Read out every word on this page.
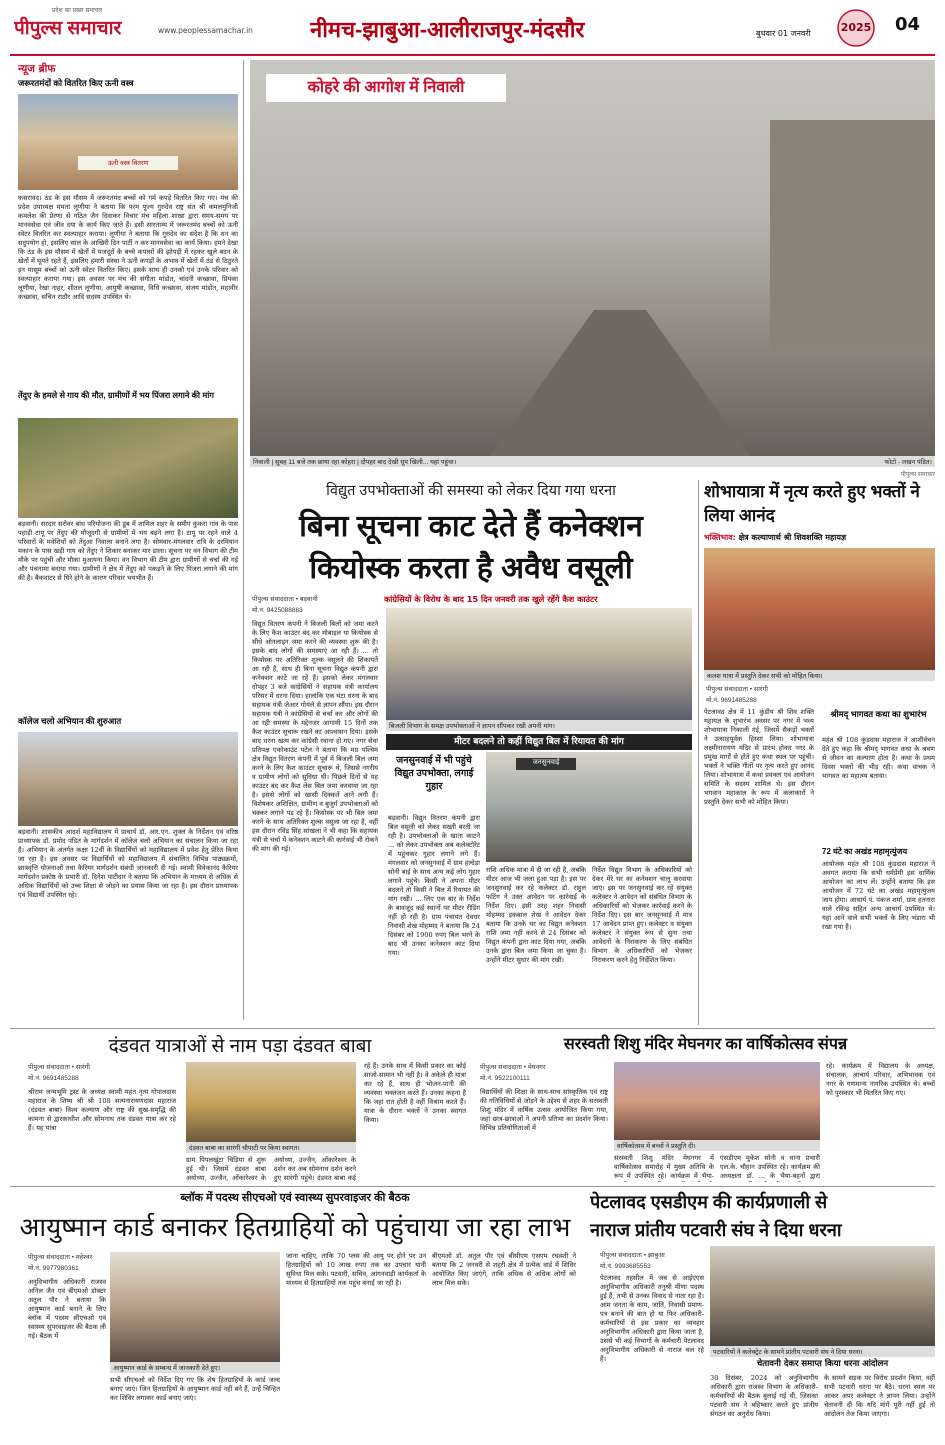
पीपुल्स समाचार
प्रदेश का प्रखर समाचार
www.peoplessamachar.in	नीमच-झाबुआ-आलीराजपुर-मंदसौर	बुधवार 01 जनवरी	2025	04
न्यूज ब्रीफ
जरूरतमंदों को वितरित किए ऊनी वस्त्र
ऊनी वस्त्र वितरण
कसरावद। ठंड के इस मौसम में जरूरतमंद बच्चों को गर्म कपड़े वितरित किए गए। मंच की प्रदेश उपाध्यक्ष ममता लूणीया ने बताया कि परम पूज्य गुरुदेव राष्ट्र संत श्री कमलमुनिजी कमलेश की प्रेरणा से गठित जैन दिवाकर विचार मंच महिला शाखा द्वारा समय-समय पर मानवसेवा एवं जीव दया के कार्य किए जाते हैं। इसी सारताम्य में जरूरतमंद बच्चों को ऊनी स्वेटर वितरित कर स्वल्पाहार कराया। लूणीया ने बताया कि गुरुदेव का संदेश है कि धन का सदुपयोग हो, इसलिए साल के आखिरी दिन पार्टी न कर मानवसेवा का कार्य किया। हमने देखा कि ठंड के इस मौसम में खेतों में मजदूरों के बच्चे कपासों की झोपड़ी में रहकर खुले बदन के खेतों में घूमते रहते हैं, इसलिए हमारी संस्था ने ऊनी कपड़ों के अभाव में खेतों में ठंड से ठिठुरते इन मासूम बच्चों को ऊनी स्वेटर वितरित किए। इसके साथ ही उनको एवं उनके परिवार को स्वल्पाहार कराया गया। इस अवसर पर मंच की संगीता मांडोत, चांदनी कच्छावा, प्रियंका लूणीया, रेखा नाहर, शीतल लूणीया, आयुषी कच्छावा, विधि कच्छावा, संजय मांडोत, महावीर कच्छावा, सचिन राठौर आदि सदस्य उपस्थित थे।
तेंदुए के हमले से गाय की मौत, ग्रामीणों में भय पिंजरा लगाने की मांग
बड़वानी। सरदार सरोवर बांध परियोजना की डूब में शामिल शहर के समीप कुकरा गांव के पास पहाड़ी टापू पर तेंदुए की मौजूदगी से ग्रामीणों में भय बढ़ने लगा है। टापू पर रहने वाले 4 परिवारों के मवेशियों को तेंदुआ निवाला बनाने लगा है। सोमवार-मंगलवार रात्रि के दरमियान मकान के पास खड़ी गाय को तेंदुए ने शिकार बनाकर मार डाला। सूचना पर वन विभाग की टीम मौके पर पहुंची और मौका मुआयना किया। वन विभाग की टीम द्वारा ग्रामीणों से चर्चा की गई और पंचनामा बनाया गया। ग्रामीणों ने क्षेत्र में तेंदुए को पकड़ने के लिए पिंजरा लगाने की मांग की है। बैकवाटर से घिरे होने के कारण परिवार भयभीत हैं।
कॉलेज चलो अभियान की शुरुआत
बड़वानी। शासकीय आदर्श महाविद्यालय में प्राचार्य डॉ. आर.एन. शुक्ल के निर्देशन एवं वरिष्ठ प्राध्यापक डॉ. प्रमोद पंडित के मार्गदर्शन में कॉलेज चलो अभियान का संचालन किया जा रहा है। अभियान के अंतर्गत कक्षा 12वीं के विद्यार्थियों को महाविद्यालय में प्रवेश हेतु प्रेरित किया जा रहा है। इस अवसर पर विद्यार्थियों को महाविद्यालय में संचालित विभिन्न पाठ्यक्रमों, छात्रवृत्ति योजनाओं तथा कैरियर मार्गदर्शन संबंधी जानकारी दी गई। स्वामी विवेकानंद कैरियर मार्गदर्शन प्रकोष्ठ के प्रभारी डॉ. दिनेश पाटीदार ने बताया कि अभियान के माध्यम से अधिक से अधिक विद्यार्थियों को उच्च शिक्षा से जोड़ने का प्रयास किया जा रहा है। इस दौरान प्राध्यापक एवं विद्यार्थी उपस्थित रहे।
कोहरे की आगोश में निवाली
निवाली | सुबह 11 बजे तक छाया रहा कोहरा | दोपहर बाद देखी धूप खिली... यहां पहुंचा।	फोटो - लखन पंडित।
पीपुल्स समाचार
विद्युत उपभोक्ताओं की समस्या को लेकर दिया गया धरना
बिना सूचना काट देते हैं कनेक्शन
कियोस्क करता है अवैध वसूली
पीपुल्स संवाददाता • बड़वानी
मो.नं. 9425088883
कांग्रेसियों के विरोध के बाद 15 दिन जनवरी तक खुले रहेंगे कैश काउंटर
बिजली विभाग के समक्ष उपभोक्ताओं ने ज्ञापन सौंपकर रखी अपनी मांग।
विद्युत वितरण कंपनी ने बिजली बिलों को जमा करने के लिए कैश काउंटर बंद कर मोबाइल या कियोस्क से सीधे ऑनलाइन जमा करने की व्यवस्था शुरू की है। इसके बाद लोगों की समस्याएं आ रही हैं। ... तो कियोस्क पर अतिरिक्त शुल्क वसूलने की शिकायतें आ रही हैं, साथ ही बिना सूचना विद्युत कंपनी द्वारा कनेक्शन काटे जा रहे हैं। इसको लेकर मंगलवार दोपहर 3 बजे कांग्रेसियों ने सहायक यंत्री कार्यालय परिसर में धरना दिया। हालांकि एक घंटा धरना के बाद सहायक यंत्री जेआर गोयले से ज्ञापन सौंपा। इस दौरान सहायक यंत्री ने कांग्रेसियों से चर्चा कर और लोगों की आ रही समस्या के मद्देनजर आगामी 15 दिनों तक कैश काउंटर सुचारू रखने का आश्वासन दिया। इसके बाद धरना खत्म कर कांग्रेसी रवाना हो गए। नगर सेवा प्रतिपक्ष एकोकाउंट पटेल ने बताया कि मप्र पश्चिम क्षेत्र विद्युत वितरण कंपनी में पूर्व में बिजली बिल जमा करने के लिए कैश काउंटर सुचारू थे, जिससे नगरीय व ग्रामीण लोगों को सुविधा थी। पिछले दिनों से यह काउंटर बंद कर कैश लेस बिल जमा करवाया जा रहा है। इससे लोगों को खासी दिक्कतें आने लगी हैं। विशेषकर अशिक्षित, ग्रामीण व बुजुर्ग उपभोक्ताओं को चक्कर लगाने पड़ रहे हैं। कियोस्क पर भी बिल जमा करने के साथ अतिरिक्त शुल्क वसूला जा रहा है, वहीं इस दौरान रविंद्र सिंह सांखला ने भी कहा कि सहायक यंत्री से चर्चा में कनेक्शन काटने की कार्रवाई भी रोकने की मांग की गई।
मीटर बदलने तो कहीं विद्युत बिल में रियायत की मांग
जनसुनवाई में भी पहुंचे विद्युत उपभोक्ता, लगाई गुहार
जनसुनवाई
बड़वानी। विद्युत वितरण कंपनी द्वारा बिल वसूली को लेकर सख्ती बरती जा रही है। उपभोक्ताओं के खाता काटने ... को लेकर उपभोक्ता अब कलेक्टोरेट में पहुंचकर गुहार लगाने लगे हैं। मंगलवार को जनसुनवाई में ग्राम हल्देड़ा सोनी बाई के साथ अन्य कई लोग गुहार लगाने पहुंचे। किसी ने अपना मीटर बदलने तो किसी ने बिल में रियायत की मांग रखी। ... लिए एक बार के निर्देश के बावजूद कई स्थानों पर मीटर रीडिंग नहीं हो रही है। ग्राम पंचायत देवधर निवासी शेख मोहम्मद ने बताया कि 24 दिसंबर को 1900 रुपए बिल भरने के बाद भी उनका कनेक्शन काट दिया गया।
राशि अधिक मात्रा में दी जा रही है, जबकि मीटर आज भी जला हुआ पड़ा है। इस पर जनसुनवाई कर रहे कलेक्टर डॉ. राहुल फटिंग ने उक्त आवेदन पर कार्रवाई के निर्देश दिए। इसी तरह शहर निवासी मोहम्मद इकबाल शेख ने आवेदन देकर बताया कि उनके घर का विद्युत कनेक्शन राशि जमा नहीं करने से 24 दिसंबर को विद्युत कंपनी द्वारा काट दिया गया, जबकि उनके द्वारा बिल जमा किया जा चुका है। उन्होंने मीटर सुधार की मांग रखी।
निर्देश विद्युत विभाग के अधिकारियों को देकर मेरे घर का कनेक्शन चालू करवाया जाए। इस पर जनसुनवाई कर रहे संयुक्त कलेक्टर ने आवेदन को संबंधित विभाग के अधिकारियों को भेजकर कार्रवाई करने के निर्देश दिए। इस बार जनसुनवाई में मात्र 17 आवेदन प्राप्त हुए। कलेक्टर व संयुक्त कलेक्टर ने संयुक्त रूप से सुना तथा आवेदनों के निराकरण के लिए संबंधित विभाग के अधिकारियों को भेजकर निराकरण करने हेतु निर्देशित किया।
शोभायात्रा में नृत्य करते हुए भक्तों ने लिया आनंद
भक्तिभाव: क्षेत्र कल्याणार्थ श्री शिवशक्ति महायज्ञ
कलश यात्रा में प्रस्तुति देकर सभी को मोहित किया।
पीपुल्स संवाददाता • सारंगी
मो.नं. 9691485288
पेटलावद क्षेत्र में 11 कुंडीय श्री शिव शक्ति महायज्ञ के शुभारंभ अवसर पर नगर में भव्य शोभायात्रा निकाली गई, जिसमें सैकड़ों भक्तों ने उत्साहपूर्वक हिस्सा लिया। शोभायात्रा लक्ष्मीनारायण मंदिर से प्रारंभ होकर नगर के प्रमुख मार्गों से होते हुए कथा स्थल पर पहुंची। भक्तों ने भक्ति गीतों पर नृत्य करते हुए आनंद लिया। शोभायात्रा में कथा प्रवक्ता एवं आयोजन समिति के सदस्य शामिल थे। इस दौरान भगवान महाकाल के रूप में कलाकारों ने प्रस्तुति देकर सभी को मोहित किया।
श्रीमद् भागवत कथा का शुभारंभ
महंत श्री 108 कुंडदास महाराज ने आशीर्वचन देते हुए कहा कि श्रीमद् भागवत कथा के श्रवण से जीवन का कल्याण होता है। कथा के प्रथम दिवस भक्तों की भीड़ रही। कथा वाचक ने भागवत का महात्म्य बताया।
72 घंटे का अखंड महामृत्युंजय
आयोजक महंत श्री 108 कुंडदास महाराज ने अवगत कराया कि सभी धर्मप्रेमी इस धार्मिक आयोजन का लाभ लें। उन्होंने बताया कि इस आयोजन में 72 घंटे का अखंड महामृत्युंजय जाप होगा। आचार्य पं. पंकज शर्मा, ग्राम हतनारा वाले रविन्द्र सहित अन्य आचार्य उपस्थित थे। यहां आने वाले सभी भक्तों के लिए भंडारा भी रखा गया है।
दंडवत यात्राओं से नाम पड़ा दंडवत बाबा
पीपुल्स संवाददाता • सारंगी
मो.नं. 9691485288
दंडवत बाबा का सारंगी चौपाटी पर किया स्वागत।
श्रीराम जन्मभूमि ट्रस्ट के अध्यक्ष स्वामी महंत नृत्य गोपालदास महाराज के शिष्य श्री श्री 108 सत्यनारायणदास महाराज (दंडवत बाबा) विश्व कल्याण और राष्ट्र की सुख-समृद्धि की कामना से द्वारकाधीश और सोमनाथ तक दंडवत यात्रा कर रहे हैं। यह यात्रा
ग्राम पिपलखुंटा चिड़िया से शुरू हुई थी। जिसमें दंडवत बाबा अयोध्या, उज्जैन, ओंकारेश्वर के
अयोध्या, उज्जैन, ओंकारेश्वर के दर्शन कर अब सोमनाथ दर्शन करने हुए सारंगी पहुंचे। दंडवत बाबा कई
रहे हैं। उनके साथ में किसी प्रकार का कोई साजो-सामान भी नहीं है। वे अकेले ही यात्रा कर रहे हैं, साथ ही भोजन-पानी की व्यवस्था भक्तजन करते हैं। उनका कहना है कि जहां रात होती है वहीं विश्राम करते हैं। यात्रा के दौरान भक्तों ने उनका स्वागत किया।
सरस्वती शिशु मंदिर मेघनगर का वार्षिकोत्सव संपन्न
पीपुल्स संवाददाता • मेघनगर
मो.नं. 9522100111
वार्षिकोत्सव में बच्चों ने प्रस्तुति दी।
विद्यार्थियों की शिक्षा के साथ-साथ सांस्कृतिक एवं राष्ट्र की गतिविधियों से जोड़ने के उद्देश्य से शहर के सरस्वती शिशु मंदिर में वार्षिक उत्सव आयोजित किया गया, जहां छात्र-छात्राओं ने अपनी प्रतिभा का प्रदर्शन किया। विभिन्न प्रतियोगिताओं में
सरस्वती शिशु मंदिर मेघनगर में वार्षिकोत्सव समारोह में मुख्य अतिथि के रूप में उपस्थित रहे। कार्यक्रम में भैया-
एसडीएम मुकेश सोनी व थाना प्रभारी एल.के. चौहान उपस्थित रहे। कार्यक्रम की अध्यक्षता डॉ. ... के भैया-बहनों द्वारा
रहे। कार्यक्रम में विद्यालय के अध्यक्ष, संचालक, आचार्य परिवार, अभिभावक एवं नगर के गणमान्य नागरिक उपस्थित थे। बच्चों को पुरस्कार भी वितरित किए गए।
ब्लॉक में पदस्थ सीएचओ एवं स्वास्थ्य सुपरवाइजर की बैठक
आयुष्मान कार्ड बनाकर हितग्राहियों को पहुंचाया जा रहा लाभ
पीपुल्स संवाददाता • महेश्वर
मो.नं. 9977980361
आयुष्मान कार्ड के सम्बन्ध में जानकारी देते हुए।
अनुविभागीय अधिकारी राजस्व अनिल जैन एवं बीएमओ डॉक्टर अतुल पौर ने बताया कि आयुष्मान कार्ड बनाने के लिए ब्लॉक में पदस्थ सीएचओ एवं स्वास्थ्य सुपरवाइजर की बैठक ली गई। बैठक में
सभी सीएचओ को निर्देश दिए गए कि शेष हितग्राहियों के कार्ड जल्द बनाए जाएं। जिन हितग्राहियों के आयुष्मान कार्ड नहीं बने हैं, उन्हें चिन्हित कर शिविर लगाकर कार्ड बनाए जाएं।
जाना चाहिए, ताकि 70 प्लस की आयु पर होने पर उन हितग्राहियों को 10 लाख रुपए तक का उपचार यानी सुविधा मिल सके। पटवारी, सचिव, आंगनवाड़ी कार्यकर्ता के माध्यम से हितग्राहियों तक पहुंच बनाई जा रही है।
बीएमओ डॉ. अतुल पौर एवं बीसीएम एसएम रघवंशी ने बताया कि 2 जनवरी से शहरी क्षेत्र में प्रत्येक वार्ड में शिविर आयोजित किए जाएंगे, ताकि अधिक से अधिक लोगों को लाभ मिल सके।
पेटलावद एसडीएम की कार्यप्रणाली से
नाराज प्रांतीय पटवारी संघ ने दिया धरना
पीपुल्स संवाददाता • झाबुआ
मो.नं. 9993685553
पटवारियों ने कलेक्ट्रेट के सामने प्रांतीय पटवारी संघ ने दिया धरना।
चेतावनी देकर समाप्त किया धरना आंदोलन
पेटलावद तहसील में जब से आईएएस अनुविभागीय अधिकारी तनुश्री मीणा पदस्थ हुई हैं, तभी से उनका विवाद से नाता रहा है। आम जनता के काम, जाति, निवासी प्रमाण-पत्र बनाने की बात हो या फिर अधिकारी-कर्मचारियों से इस प्रकार का व्यवहार अनुविभागीय अधिकारी द्वारा किया जाता है, उससे भी कई विभागों के कर्मचारी पेटलावद अनुविभागीय अधिकारी से नाराज चल रहे हैं।
30 दिसंबर, 2024 को अनुविभागीय अधिकारी द्वारा राजस्व विभाग के अधिकारी-कर्मचारियों की बैठक बुलाई गई थी, जिसका पटवारी संघ ने बहिष्कार करते हुए प्रांतीय संगठन का अनुरोध किया।
के सामने सड़क पर विरोध प्रदर्शन किया, वहीं सभी पटवारी धरना पर बैठे। धरना स्थल पर आकर अपर कलेक्टर ने ज्ञापन लिया। उन्होंने चेतावनी दी कि यदि मांगें पूरी नहीं हुईं तो आंदोलन तेज किया जाएगा।
